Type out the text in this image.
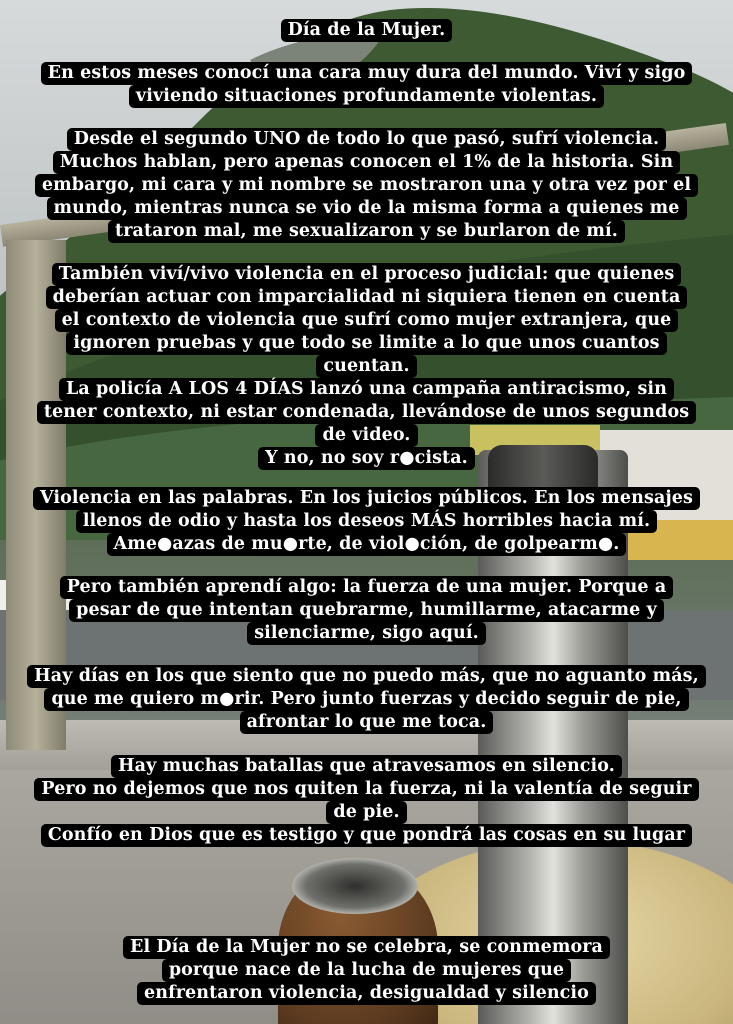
Día de la Mujer.
En estos meses conocí una cara muy dura del mundo. Viví y sigo
viviendo situaciones profundamente violentas.
Desde el segundo UNO de todo lo que pasó, sufrí violencia.
Muchos hablan, pero apenas conocen el 1% de la historia. Sin
embargo, mi cara y mi nombre se mostraron una y otra vez por el
mundo, mientras nunca se vio de la misma forma a quienes me
trataron mal, me sexualizaron y se burlaron de mí.
También viví/vivo violencia en el proceso judicial: que quienes
deberían actuar con imparcialidad ni siquiera tienen en cuenta
el contexto de violencia que sufrí como mujer extranjera, que
ignoren pruebas y que todo se limite a lo que unos cuantos
cuentan.
La policía A LOS 4 DÍAS lanzó una campaña antiracismo, sin
tener contexto, ni estar condenada, llevándose de unos segundos
de video.
Y no, no soy r●cista.
Violencia en las palabras. En los juicios públicos. En los mensajes
llenos de odio y hasta los deseos MÁS horribles hacia mí.
Ame●azas de mu●rte, de viol●ción, de golpearm●.
Pero también aprendí algo: la fuerza de una mujer. Porque a
pesar de que intentan quebrarme, humillarme, atacarme y
silenciarme, sigo aquí.
Hay días en los que siento que no puedo más, que no aguanto más,
que me quiero m●rir. Pero junto fuerzas y decido seguir de pie,
afrontar lo que me toca.
Hay muchas batallas que atravesamos en silencio.
Pero no dejemos que nos quiten la fuerza, ni la valentía de seguir
de pie.
Confío en Dios que es testigo y que pondrá las cosas en su lugar
El Día de la Mujer no se celebra, se conmemora
porque nace de la lucha de mujeres que
enfrentaron violencia, desigualdad y silencio
